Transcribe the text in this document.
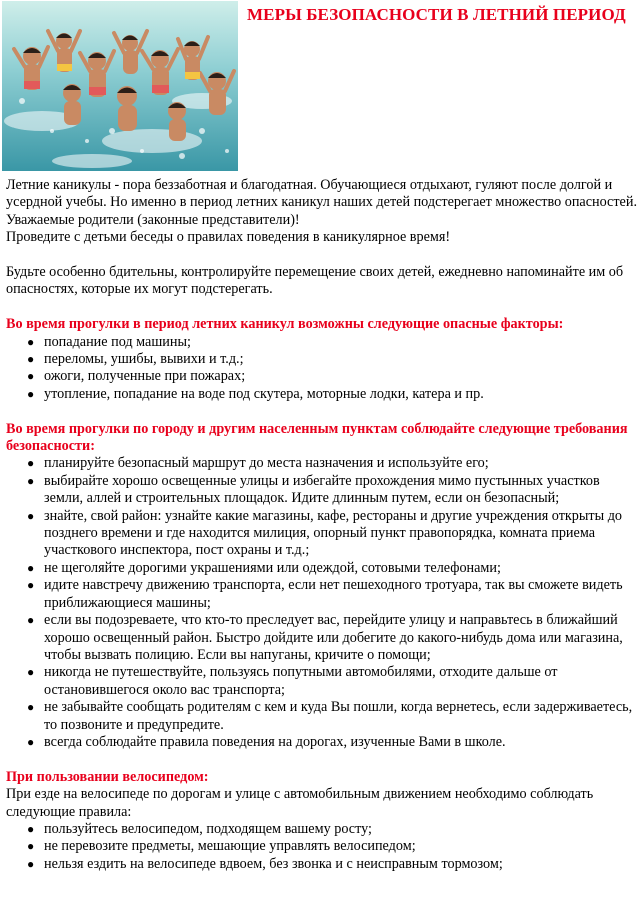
МЕРЫ БЕЗОПАСНОСТИ В ЛЕТНИЙ ПЕРИОД

Летние каникулы - пора беззаботная и благодатная. Обучающиеся отдыхают, гуляют после долгой и усердной учебы. Но именно в период летних каникул наших детей подстерегает множество опасностей.

Уважаемые родители (законные представители)!

Проведите с детьми беседы о правилах поведения в каникулярное время!

Будьте особенно бдительны, контролируйте перемещение своих детей, ежедневно напоминайте им об опасностях, которые их могут подстерегать.

Во время прогулки в период летних каникул возможны следующие опасные факторы:

● попадание под машины;
● переломы, ушибы, вывихи и т.д.;
● ожоги, полученные при пожарах;
● утопление, попадание на воде под скутера, моторные лодки, катера и пр.

Во время прогулки по городу и другим населенным пунктам соблюдайте следующие требования безопасности:

● планируйте безопасный маршрут до места назначения и используйте его;
● выбирайте хорошо освещенные улицы и избегайте прохождения мимо пустынных участков земли, аллей и строительных площадок. Идите длинным путем, если он безопасный;
● знайте, свой район: узнайте какие магазины, кафе, рестораны и другие учреждения открыты до позднего времени и где находится милиция, опорный пункт правопорядка, комната приема участкового инспектора, пост охраны и т.д.;
● не щеголяйте дорогими украшениями или одеждой, сотовыми телефонами;
● идите навстречу движению транспорта, если нет пешеходного тротуара, так вы сможете видеть приближающиеся машины;
● если вы подозреваете, что кто-то преследует вас, перейдите улицу и направьтесь в ближайший хорошо освещенный район. Быстро дойдите или добегите до какого-нибудь дома или магазина, чтобы вызвать полицию. Если вы напуганы, кричите о помощи;
● никогда не путешествуйте, пользуясь попутными автомобилями, отходите дальше от остановившегося около вас транспорта;
● не забывайте сообщать родителям с кем и куда Вы пошли, когда вернетесь, если задерживаетесь, то позвоните и предупредите.
● всегда соблюдайте правила поведения на дорогах, изученные Вами в школе.

При пользовании велосипедом:

При езде на велосипеде по дорогам и улице с автомобильным движением необходимо соблюдать следующие правила:

● пользуйтесь велосипедом, подходящем вашему росту;
● не перевозите предметы, мешающие управлять велосипедом;
● нельзя ездить на велосипеде вдвоем, без звонка и с неисправным тормозом;
